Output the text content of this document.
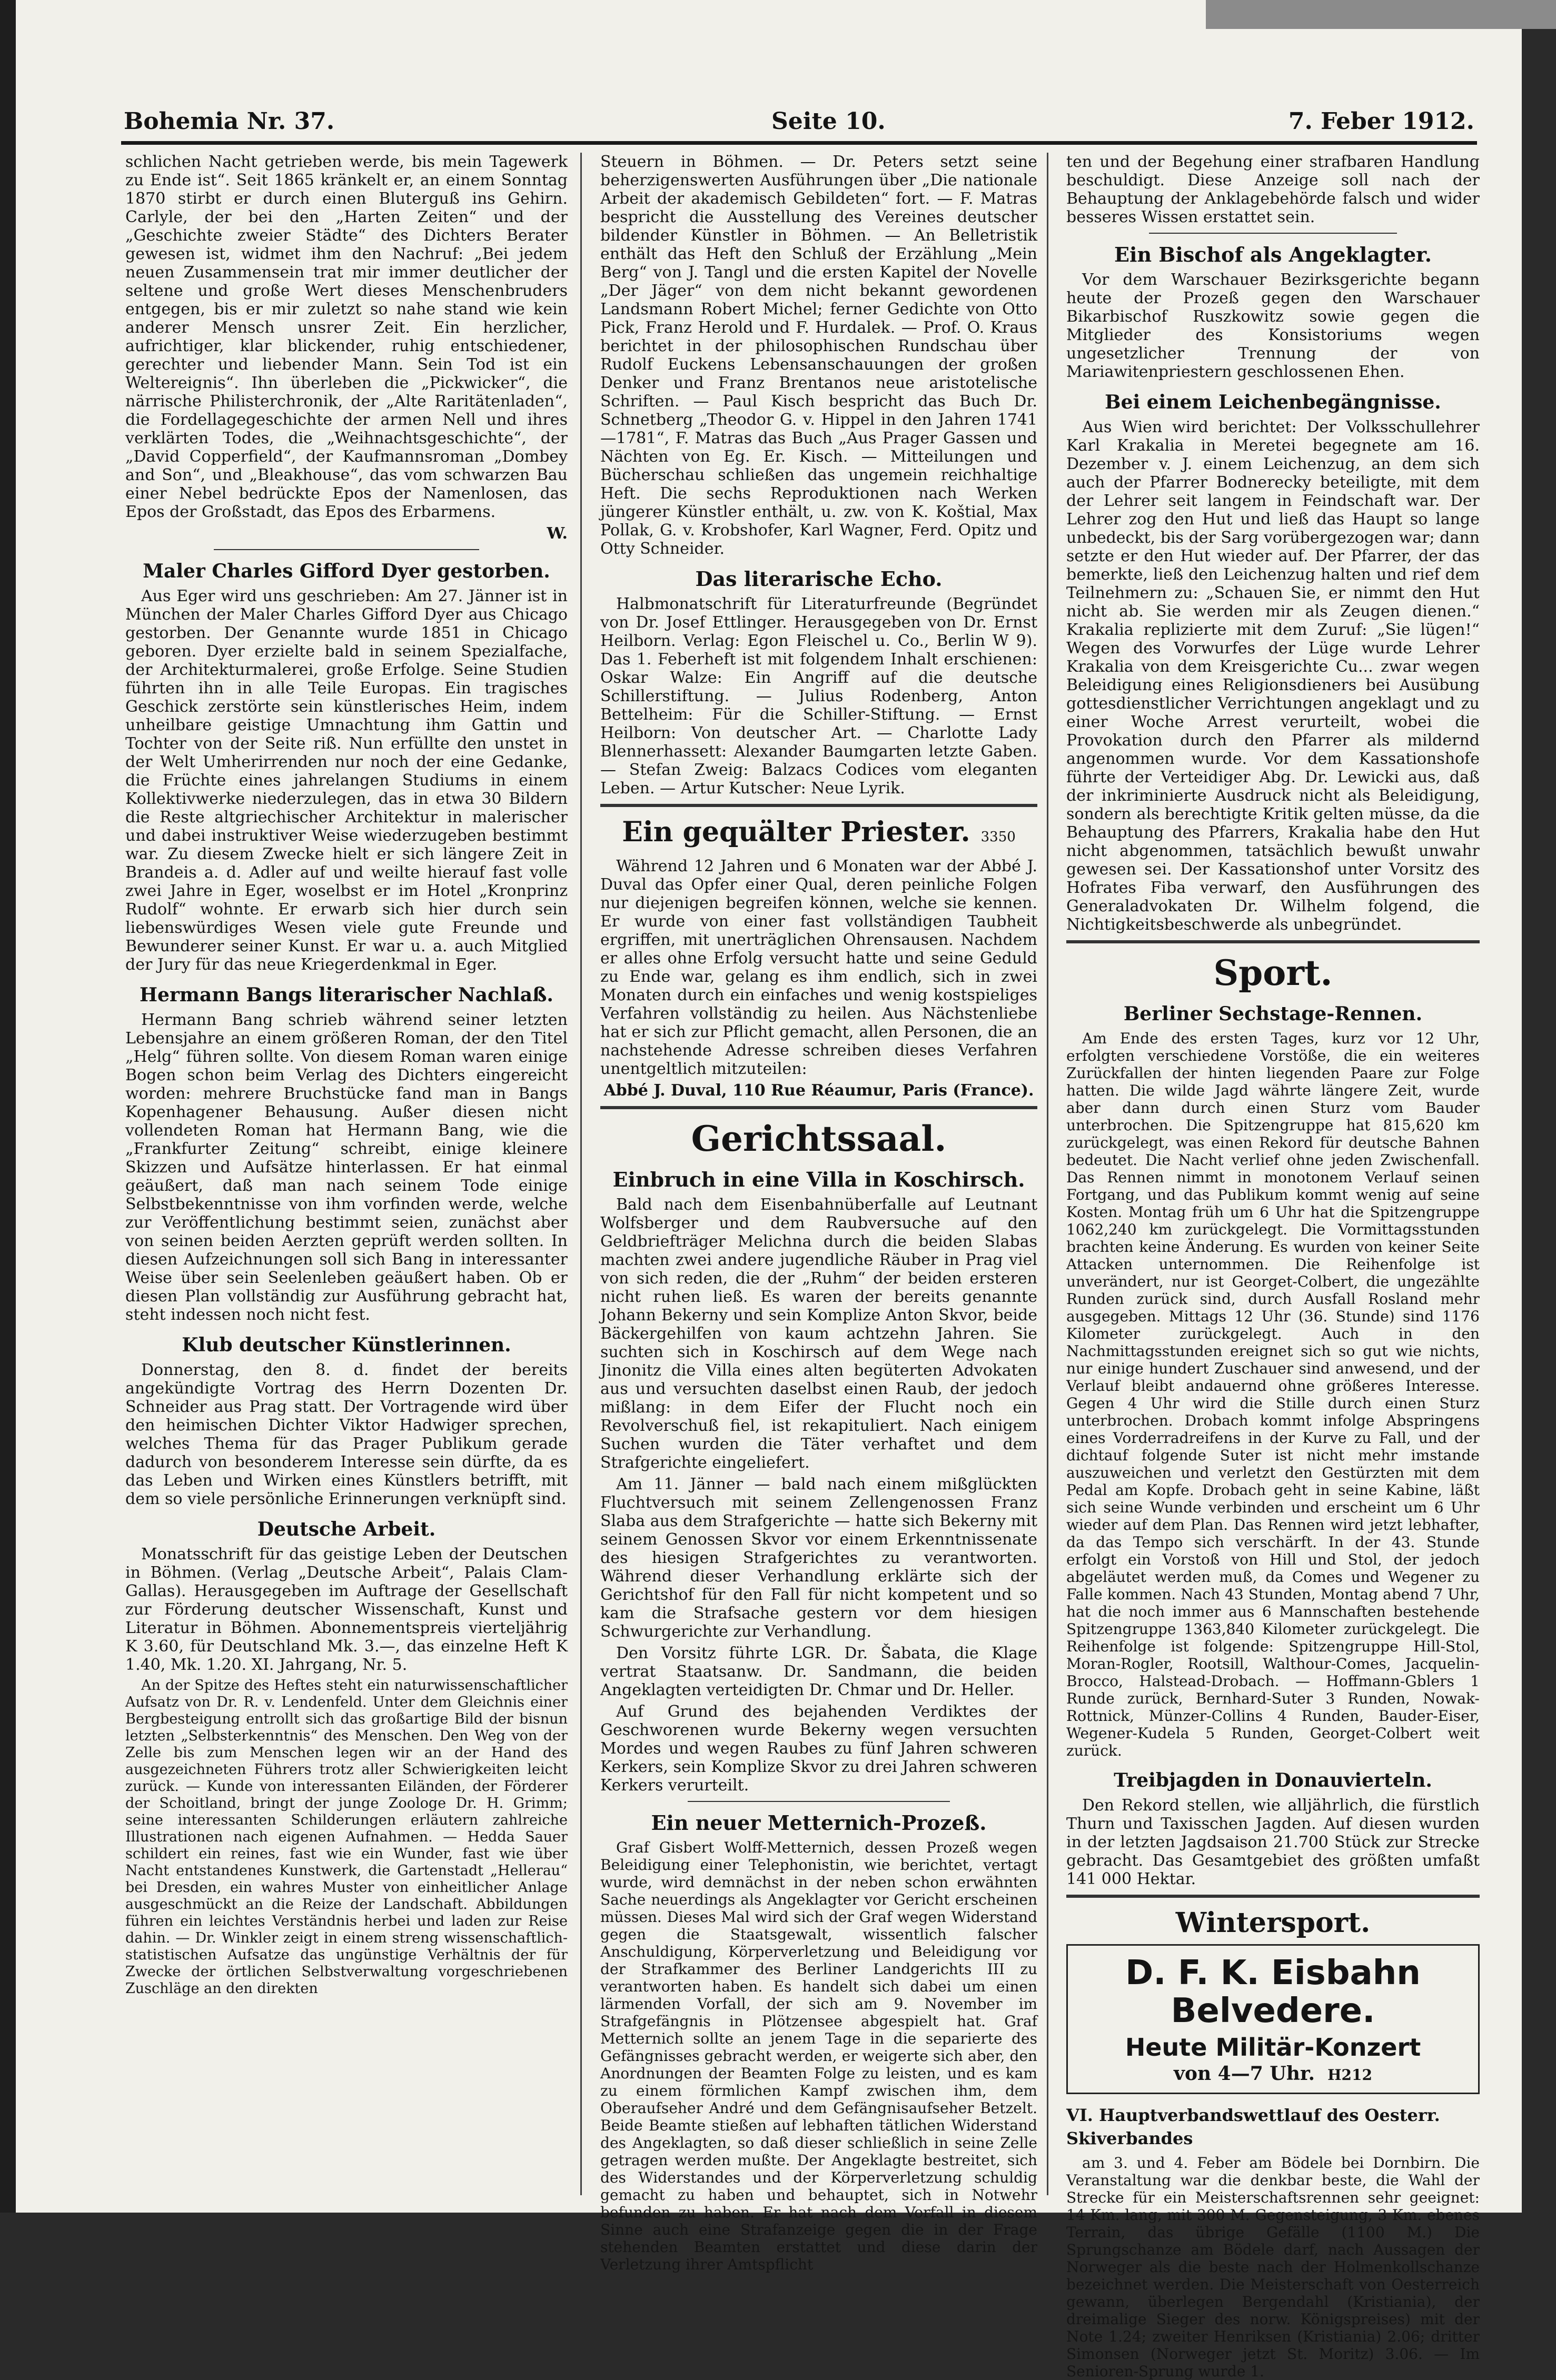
Bohemia Nr. 37.	Seite 10.	7. Feber 1912.

schlichen Nacht getrieben werde, bis mein Tagewerk zu Ende ist“. Seit 1865 kränkelt er, an einem Sonntag 1870 stirbt er durch einen Bluterguß ins Gehirn. Carlyle, der bei den „Harten Zeiten“ und der „Geschichte zweier Städte“ des Dichters Berater gewesen ist, widmet ihm den Nachruf: „Bei jedem neuen Zusammensein trat mir immer deutlicher der seltene und große Wert dieses Menschenbruders entgegen, bis er mir zuletzt so nahe stand wie kein anderer Mensch unsrer Zeit. Ein herzlicher, aufrichtiger, klar blickender, ruhig entschiedener, gerechter und liebender Mann. Sein Tod ist ein Weltereignis“. Ihn überleben die „Pickwicker“, die närrische Philisterchronik, der „Alte Raritätenladen“, die Fordellagegeschichte der armen Nell und ihres verklärten Todes, die „Weihnachtsgeschichte“, der „David Copperfield“, der Kaufmannsroman „Dombey and Son“, und „Bleakhouse“, das vom schwarzen Bau einer Nebel bedrückte Epos der Namenlosen, das Epos der Großstadt, das Epos des Erbarmens.

W.

Maler Charles Gifford Dyer gestorben.

Aus Eger wird uns geschrieben: Am 27. Jänner ist in München der Maler Charles Gifford Dyer aus Chicago gestorben. Der Genannte wurde 1851 in Chicago geboren. Dyer erzielte bald in seinem Spezialfache, der Architekturmalerei, große Erfolge. Seine Studien führten ihn in alle Teile Europas. Ein tragisches Geschick zerstörte sein künstlerisches Heim, indem unheilbare geistige Umnachtung ihm Gattin und Tochter von der Seite riß. Nun erfüllte den unstet in der Welt Umherirrenden nur noch der eine Gedanke, die Früchte eines jahrelangen Studiums in einem Kollektivwerke niederzulegen, das in etwa 30 Bildern die Reste altgriechischer Architektur in malerischer und dabei instruktiver Weise wiederzugeben bestimmt war. Zu diesem Zwecke hielt er sich längere Zeit in Brandeis a. d. Adler auf und weilte hierauf fast volle zwei Jahre in Eger, woselbst er im Hotel „Kronprinz Rudolf“ wohnte. Er erwarb sich hier durch sein liebenswürdiges Wesen viele gute Freunde und Bewunderer seiner Kunst. Er war u. a. auch Mitglied der Jury für das neue Kriegerdenkmal in Eger.

Hermann Bangs literarischer Nachlaß.

Hermann Bang schrieb während seiner letzten Lebensjahre an einem größeren Roman, der den Titel „Helg“ führen sollte. Von diesem Roman waren einige Bogen schon beim Verlag des Dichters eingereicht worden: mehrere Bruchstücke fand man in Bangs Kopenhagener Behausung. Außer diesen nicht vollendeten Roman hat Hermann Bang, wie die „Frankfurter Zeitung“ schreibt, einige kleinere Skizzen und Aufsätze hinterlassen. Er hat einmal geäußert, daß man nach seinem Tode einige Selbstbekenntnisse von ihm vorfinden werde, welche zur Veröffentlichung bestimmt seien, zunächst aber von seinen beiden Aerzten geprüft werden sollten. In diesen Aufzeichnungen soll sich Bang in interessanter Weise über sein Seelenleben geäußert haben. Ob er diesen Plan vollständig zur Ausführung gebracht hat, steht indessen noch nicht fest.

Klub deutscher Künstlerinnen.

Donnerstag, den 8. d. findet der bereits angekündigte Vortrag des Herrn Dozenten Dr. Schneider aus Prag statt. Der Vortragende wird über den heimischen Dichter Viktor Hadwiger sprechen, welches Thema für das Prager Publikum gerade dadurch von besonderem Interesse sein dürfte, da es das Leben und Wirken eines Künstlers betrifft, mit dem so viele persönliche Erinnerungen verknüpft sind.

Deutsche Arbeit.

Monatsschrift für das geistige Leben der Deutschen in Böhmen. (Verlag „Deutsche Arbeit“, Palais Clam-Gallas). Herausgegeben im Auftrage der Gesellschaft zur Förderung deutscher Wissenschaft, Kunst und Literatur in Böhmen. Abonnementspreis vierteljährig K 3.60, für Deutschland Mk. 3.—, das einzelne Heft K 1.40, Mk. 1.20. XI. Jahrgang, Nr. 5.

An der Spitze des Heftes steht ein naturwissenschaftlicher Aufsatz von Dr. R. v. Lendenfeld. Unter dem Gleichnis einer Bergbesteigung entrollt sich das großartige Bild der bisnun letzten „Selbsterkenntnis“ des Menschen. Den Weg von der Zelle bis zum Menschen legen wir an der Hand des ausgezeichneten Führers trotz aller Schwierigkeiten leicht zurück. — Kunde von interessanten Eiländen, der Förderer der Schoitland, bringt der junge Zoologe Dr. H. Grimm; seine interessanten Schilderungen erläutern zahlreiche Illustrationen nach eigenen Aufnahmen. — Hedda Sauer schildert ein reines, fast wie ein Wunder, fast wie über Nacht entstandenes Kunstwerk, die Gartenstadt „Hellerau“ bei Dresden, ein wahres Muster von einheitlicher Anlage ausgeschmückt an die Reize der Landschaft. Abbildungen führen ein leichtes Verständnis herbei und laden zur Reise dahin. — Dr. Winkler zeigt in einem streng wissenschaftlich-statistischen Aufsatze das ungünstige Verhältnis der für Zwecke der örtlichen Selbstverwaltung vorgeschriebenen Zuschläge an den direkten

Steuern in Böhmen. — Dr. Peters setzt seine beherzigenswerten Ausführungen über „Die nationale Arbeit der akademisch Gebildeten“ fort. — F. Matras bespricht die Ausstellung des Vereines deutscher bildender Künstler in Böhmen. — An Belletristik enthält das Heft den Schluß der Erzählung „Mein Berg“ von J. Tangl und die ersten Kapitel der Novelle „Der Jäger“ von dem nicht bekannt gewordenen Landsmann Robert Michel; ferner Gedichte von Otto Pick, Franz Herold und F. Hurdalek. — Prof. O. Kraus berichtet in der philosophischen Rundschau über Rudolf Euckens Lebensanschauungen der großen Denker und Franz Brentanos neue aristotelische Schriften. — Paul Kisch bespricht das Buch Dr. Schnetberg „Theodor G. v. Hippel in den Jahren 1741—1781“, F. Matras das Buch „Aus Prager Gassen und Nächten von Eg. Er. Kisch. — Mitteilungen und Bücherschau schließen das ungemein reichhaltige Heft. Die sechs Reproduktionen nach Werken jüngerer Künstler enthält, u. zw. von K. Koštial, Max Pollak, G. v. Krobshofer, Karl Wagner, Ferd. Opitz und Otty Schneider.

Das literarische Echo.

Halbmonatschrift für Literaturfreunde (Begründet von Dr. Josef Ettlinger. Herausgegeben von Dr. Ernst Heilborn. Verlag: Egon Fleischel u. Co., Berlin W 9). Das 1. Feberheft ist mit folgendem Inhalt erschienen: Oskar Walze: Ein Angriff auf die deutsche Schillerstiftung. — Julius Rodenberg, Anton Bettelheim: Für die Schiller-Stiftung. — Ernst Heilborn: Von deutscher Art. — Charlotte Lady Blennerhassett: Alexander Baumgarten letzte Gaben. — Stefan Zweig: Balzacs Codices vom eleganten Leben. — Artur Kutscher: Neue Lyrik.

Ein gequälter Priester. 3350

Während 12 Jahren und 6 Monaten war der Abbé J. Duval das Opfer einer Qual, deren peinliche Folgen nur diejenigen begreifen können, welche sie kennen. Er wurde von einer fast vollständigen Taubheit ergriffen, mit unerträglichen Ohrensausen. Nachdem er alles ohne Erfolg versucht hatte und seine Geduld zu Ende war, gelang es ihm endlich, sich in zwei Monaten durch ein einfaches und wenig kostspieliges Verfahren vollständig zu heilen. Aus Nächstenliebe hat er sich zur Pflicht gemacht, allen Personen, die an nachstehende Adresse schreiben dieses Verfahren unentgeltlich mitzuteilen:

Abbé J. Duval, 110 Rue Réaumur, Paris (France).

Gerichtssaal.

Einbruch in eine Villa in Koschirsch.

Bald nach dem Eisenbahnüberfalle auf Leutnant Wolfsberger und dem Raubversuche auf den Geldbriefträger Melichna durch die beiden Slabas machten zwei andere jugendliche Räuber in Prag viel von sich reden, die der „Ruhm“ der beiden ersteren nicht ruhen ließ. Es waren der bereits genannte Johann Bekerny und sein Komplize Anton Skvor, beide Bäckergehilfen von kaum achtzehn Jahren. Sie suchten sich in Koschirsch auf dem Wege nach Jinonitz die Villa eines alten begüterten Advokaten aus und versuchten daselbst einen Raub, der jedoch mißlang: in dem Eifer der Flucht noch ein Revolverschuß fiel, ist rekapituliert. Nach einigem Suchen wurden die Täter verhaftet und dem Strafgerichte eingeliefert.

Am 11. Jänner — bald nach einem mißglückten Fluchtversuch mit seinem Zellengenossen Franz Slaba aus dem Strafgerichte — hatte sich Bekerny mit seinem Genossen Skvor vor einem Erkenntnissenate des hiesigen Strafgerichtes zu verantworten. Während dieser Verhandlung erklärte sich der Gerichtshof für den Fall für nicht kompetent und so kam die Strafsache gestern vor dem hiesigen Schwurgerichte zur Verhandlung.

Den Vorsitz führte LGR. Dr. Šabata, die Klage vertrat Staatsanw. Dr. Sandmann, die beiden Angeklagten verteidigten Dr. Chmar und Dr. Heller.

Auf Grund des bejahenden Verdiktes der Geschworenen wurde Bekerny wegen versuchten Mordes und wegen Raubes zu fünf Jahren schweren Kerkers, sein Komplize Skvor zu drei Jahren schweren Kerkers verurteilt.

Ein neuer Metternich-Prozeß.

Graf Gisbert Wolff-Metternich, dessen Prozeß wegen Beleidigung einer Telephonistin, wie berichtet, vertagt wurde, wird demnächst in der neben schon erwähnten Sache neuerdings als Angeklagter vor Gericht erscheinen müssen. Dieses Mal wird sich der Graf wegen Widerstand gegen die Staatsgewalt, wissentlich falscher Anschuldigung, Körperverletzung und Beleidigung vor der Strafkammer des Berliner Landgerichts III zu verantworten haben. Es handelt sich dabei um einen lärmenden Vorfall, der sich am 9. November im Strafgefängnis in Plötzensee abgespielt hat. Graf Metternich sollte an jenem Tage in die separierte des Gefängnisses gebracht werden, er weigerte sich aber, den Anordnungen der Beamten Folge zu leisten, und es kam zu einem förmlichen Kampf zwischen ihm, dem Oberaufseher André und dem Gefängnisaufseher Betzelt. Beide Beamte stießen auf lebhaften tätlichen Widerstand des Angeklagten, so daß dieser schließlich in seine Zelle getragen werden mußte. Der Angeklagte bestreitet, sich des Widerstandes und der Körperverletzung schuldig gemacht zu haben und behauptet, sich in Notwehr befunden zu haben. Er hat nach dem Vorfall in diesem Sinne auch eine Strafanzeige gegen die in der Frage stehenden Beamten erstattet und diese darin der Verletzung ihrer Amtspflicht

ten und der Begehung einer strafbaren Handlung beschuldigt. Diese Anzeige soll nach der Behauptung der Anklagebehörde falsch und wider besseres Wissen erstattet sein.

Ein Bischof als Angeklagter.

Vor dem Warschauer Bezirksgerichte begann heute der Prozeß gegen den Warschauer Bikarbischof Ruszkowitz sowie gegen die Mitglieder des Konsistoriums wegen ungesetzlicher Trennung der von Mariawitenpriestern geschlossenen Ehen.

Bei einem Leichenbegängnisse.

Aus Wien wird berichtet: Der Volksschullehrer Karl Krakalia in Meretei begegnete am 16. Dezember v. J. einem Leichenzug, an dem sich auch der Pfarrer Bodnerecky beteiligte, mit dem der Lehrer seit langem in Feindschaft war. Der Lehrer zog den Hut und ließ das Haupt so lange unbedeckt, bis der Sarg vorübergezogen war; dann setzte er den Hut wieder auf. Der Pfarrer, der das bemerkte, ließ den Leichenzug halten und rief dem Teilnehmern zu: „Schauen Sie, er nimmt den Hut nicht ab. Sie werden mir als Zeugen dienen.“ Krakalia replizierte mit dem Zuruf: „Sie lügen!“ Wegen des Vorwurfes der Lüge wurde Lehrer Krakalia von dem Kreisgerichte Cu... zwar wegen Beleidigung eines Religionsdieners bei Ausübung gottesdienstlicher Verrichtungen angeklagt und zu einer Woche Arrest verurteilt, wobei die Provokation durch den Pfarrer als mildernd angenommen wurde. Vor dem Kassationshofe führte der Verteidiger Abg. Dr. Lewicki aus, daß der inkriminierte Ausdruck nicht als Beleidigung, sondern als berechtigte Kritik gelten müsse, da die Behauptung des Pfarrers, Krakalia habe den Hut nicht abgenommen, tatsächlich bewußt unwahr gewesen sei. Der Kassationshof unter Vorsitz des Hofrates Fiba verwarf, den Ausführungen des Generaladvokaten Dr. Wilhelm folgend, die Nichtigkeitsbeschwerde als unbegründet.

Sport.

Berliner Sechstage-Rennen.

Am Ende des ersten Tages, kurz vor 12 Uhr, erfolgten verschiedene Vorstöße, die ein weiteres Zurückfallen der hinten liegenden Paare zur Folge hatten. Die wilde Jagd währte längere Zeit, wurde aber dann durch einen Sturz vom Bauder unterbrochen. Die Spitzengruppe hat 815,620 km zurückgelegt, was einen Rekord für deutsche Bahnen bedeutet. Die Nacht verlief ohne jeden Zwischenfall. Das Rennen nimmt in monotonem Verlauf seinen Fortgang, und das Publikum kommt wenig auf seine Kosten. Montag früh um 6 Uhr hat die Spitzengruppe 1062,240 km zurückgelegt. Die Vormittagsstunden brachten keine Änderung. Es wurden von keiner Seite Attacken unternommen. Die Reihenfolge ist unverändert, nur ist Georget-Colbert, die ungezählte Runden zurück sind, durch Ausfall Rosland mehr ausgegeben. Mittags 12 Uhr (36. Stunde) sind 1176 Kilometer zurückgelegt. Auch in den Nachmittagsstunden ereignet sich so gut wie nichts, nur einige hundert Zuschauer sind anwesend, und der Verlauf bleibt andauernd ohne größeres Interesse. Gegen 4 Uhr wird die Stille durch einen Sturz unterbrochen. Drobach kommt infolge Abspringens eines Vorderradreifens in der Kurve zu Fall, und der dichtauf folgende Suter ist nicht mehr imstande auszuweichen und verletzt den Gestürzten mit dem Pedal am Kopfe. Drobach geht in seine Kabine, läßt sich seine Wunde verbinden und erscheint um 6 Uhr wieder auf dem Plan. Das Rennen wird jetzt lebhafter, da das Tempo sich verschärft. In der 43. Stunde erfolgt ein Vorstoß von Hill und Stol, der jedoch abgeläutet werden muß, da Comes und Wegener zu Falle kommen. Nach 43 Stunden, Montag abend 7 Uhr, hat die noch immer aus 6 Mannschaften bestehende Spitzengruppe 1363,840 Kilometer zurückgelegt. Die Reihenfolge ist folgende: Spitzengruppe Hill-Stol, Moran-Rogler, Rootsill, Walthour-Comes, Jacquelin-Brocco, Halstead-Drobach. — Hoffmann-Gblers 1 Runde zurück, Bernhard-Suter 3 Runden, Nowak-Rottnick, Münzer-Collins 4 Runden, Bauder-Eiser, Wegener-Kudela 5 Runden, Georget-Colbert weit zurück.

Treibjagden in Donauvierteln.

Den Rekord stellen, wie alljährlich, die fürstlich Thurn und Taxisschen Jagden. Auf diesen wurden in der letzten Jagdsaison 21.700 Stück zur Strecke gebracht. Das Gesamtgebiet des größten umfaßt 141 000 Hektar.

Wintersport.

D. F. K. Eisbahn Belvedere.

Heute Militär-Konzert

von 4—7 Uhr. H212

VI. Hauptverbandswettlauf des Oesterr. Skiverbandes

am 3. und 4. Feber am Bödele bei Dornbirn. Die Veranstaltung war die denkbar beste, die Wahl der Strecke für ein Meisterschaftsrennen sehr geeignet: 14 Km. lang, mit 300 M. Gegensteigung, 3 Km. ebenes Terrain, das übrige Gefälle (1100 M.) Die Sprungschanze am Bödele darf, nach Aussagen der Norweger als die beste nach der Holmenkollschanze bezeichnet werden. Die Meisterschaft von Oesterreich gewann, überlegen Bergendahl (Kristiania), der dreimalige Sieger des norw. Königspreises) mit der Note 1.24; zweiter Henriksen (Kristiania) 2.06; dritter Simonsen (Norweger jetzt St. Moritz) 3.06. — Im Senioren-Sprung wurde 1.
